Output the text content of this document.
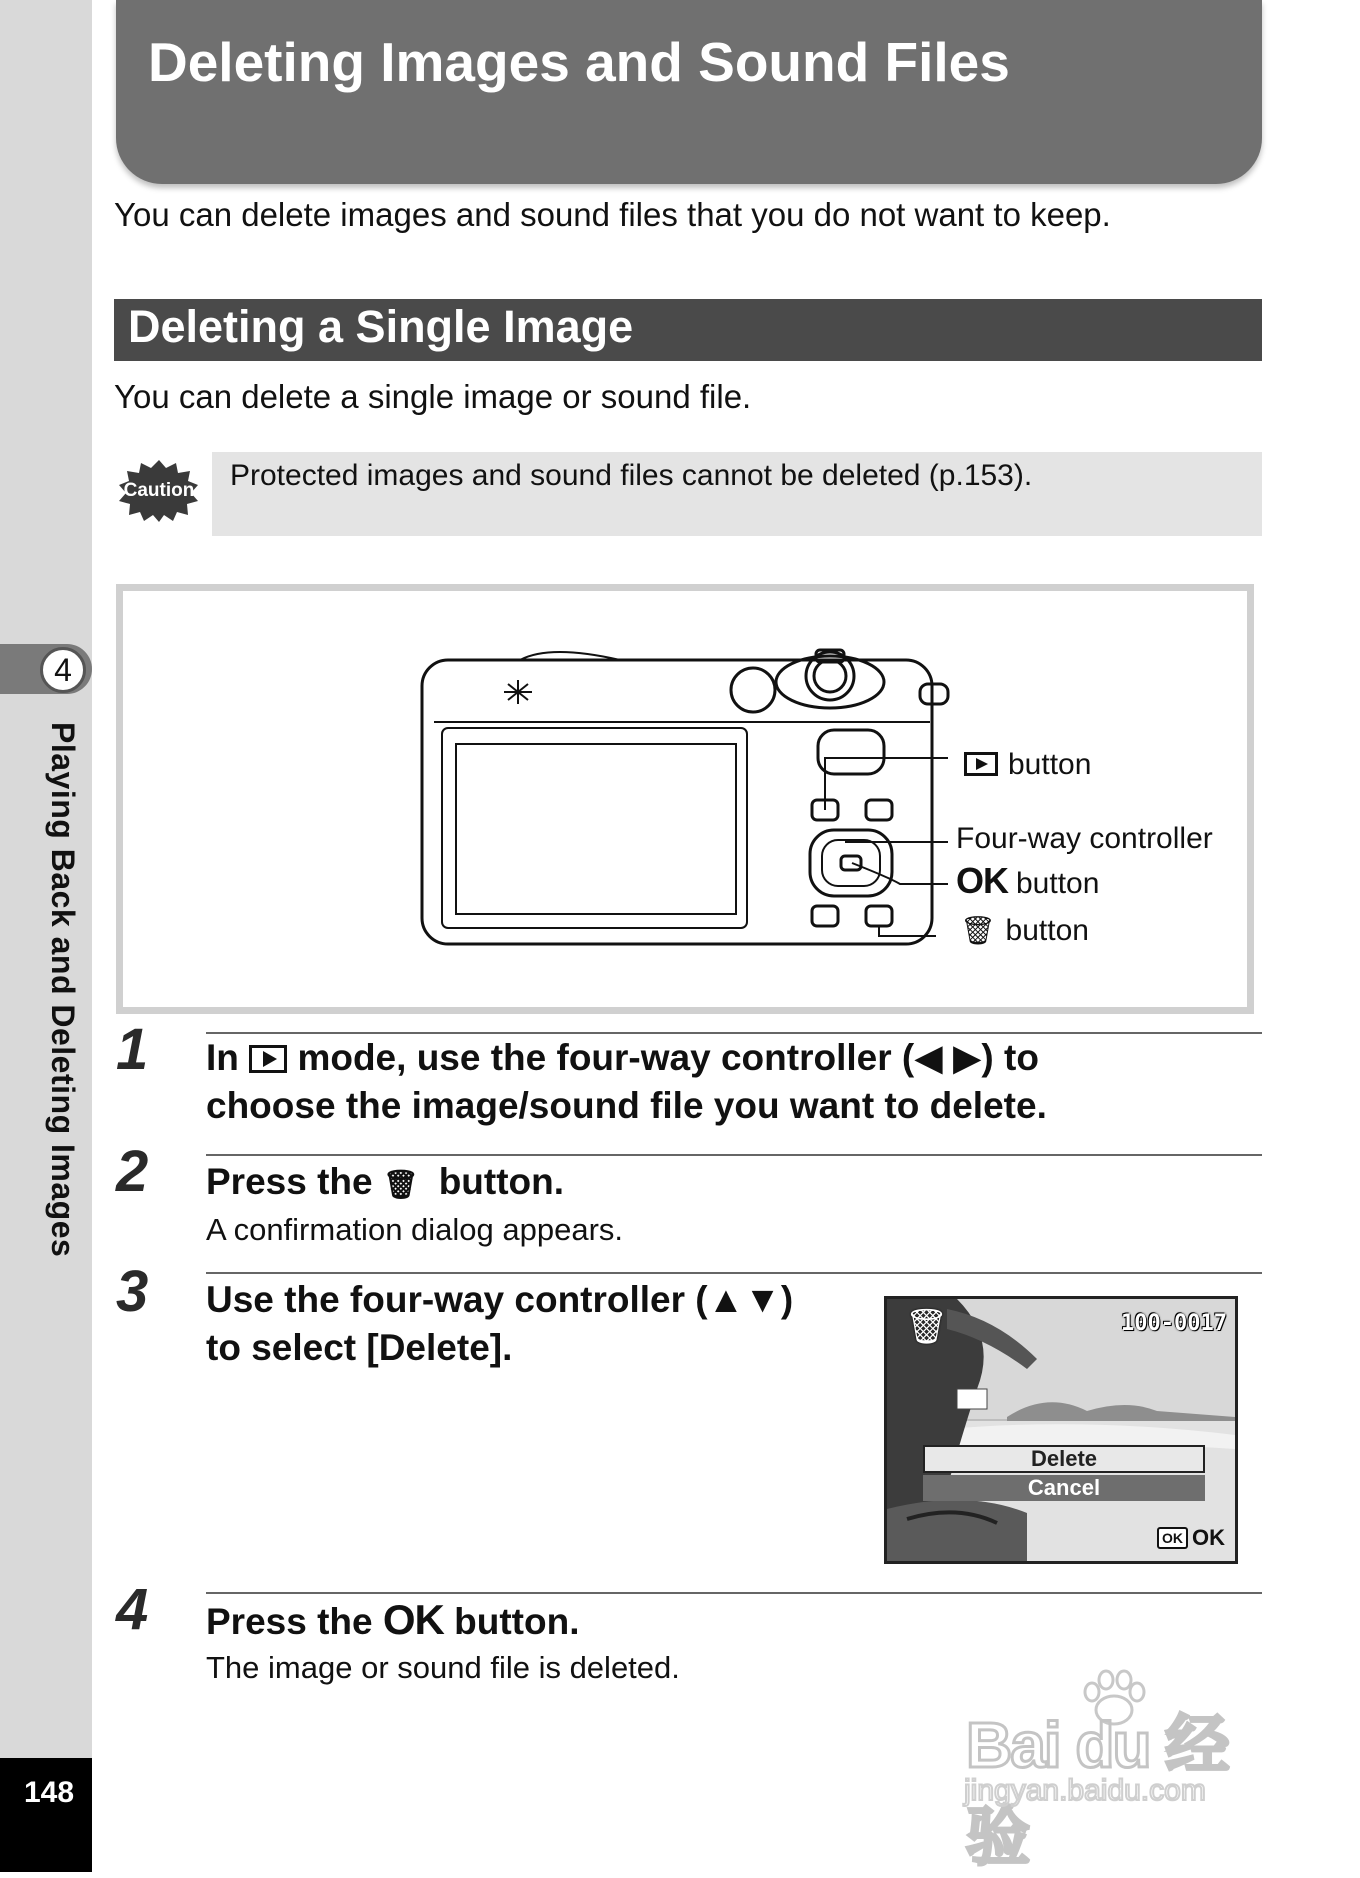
4
Playing Back and Deleting Images
148
Deleting Images and Sound Files
You can delete images and sound files that you do not want to keep.
Deleting a Single Image
You can delete a single image or sound file.
Caution Protected images and sound files cannot be deleted (p.153).
button
Four-way controller
OK button
🗑 button
1 In mode, use the four-way controller (◀ ▶) to
choose the image/sound file you want to delete.
2 Press the 🗑 button.
A confirmation dialog appears.
3 Use the four-way controller (▲▼)
to select [Delete].	🗑	100-0017
Delete
Cancel
OK OK
4 Press the OK button.
The image or sound file is deleted.
Bai du 经验
jingyan.baidu.com
